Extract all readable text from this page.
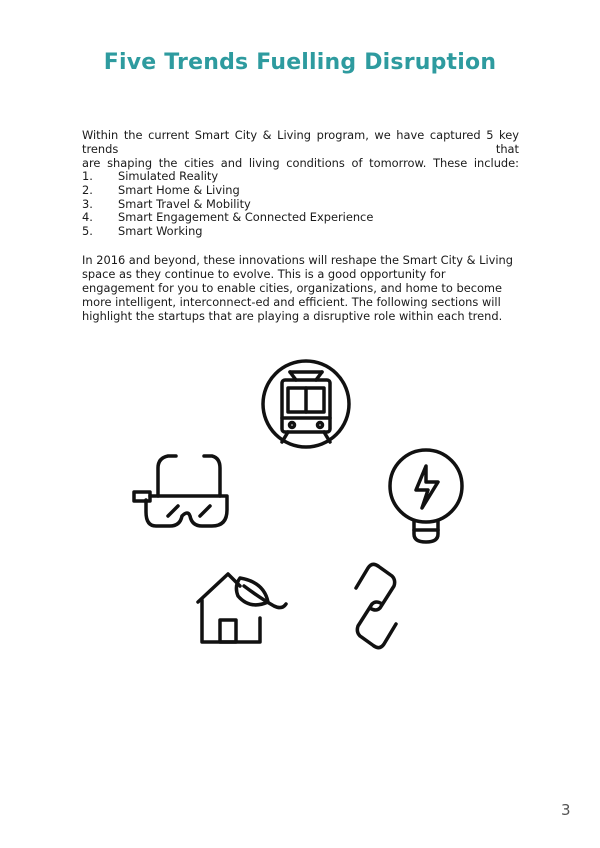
Five Trends Fuelling Disruption
Within the current Smart City & Living program, we have captured 5 key trends that
are shaping the cities and living conditions of tomorrow. These include:
1.	Simulated Reality
2.	Smart Home & Living
3.	Smart Travel & Mobility
4.	Smart Engagement & Connected Experience
5.	Smart Working
In 2016 and beyond, these innovations will reshape the Smart City & Living space as they continue to evolve. This is a good opportunity for engagement for you to enable cities, organizations, and home to become more intelligent, interconnect-ed and efficient. The following sections will highlight the startups that are playing a disruptive role within each trend.
3
